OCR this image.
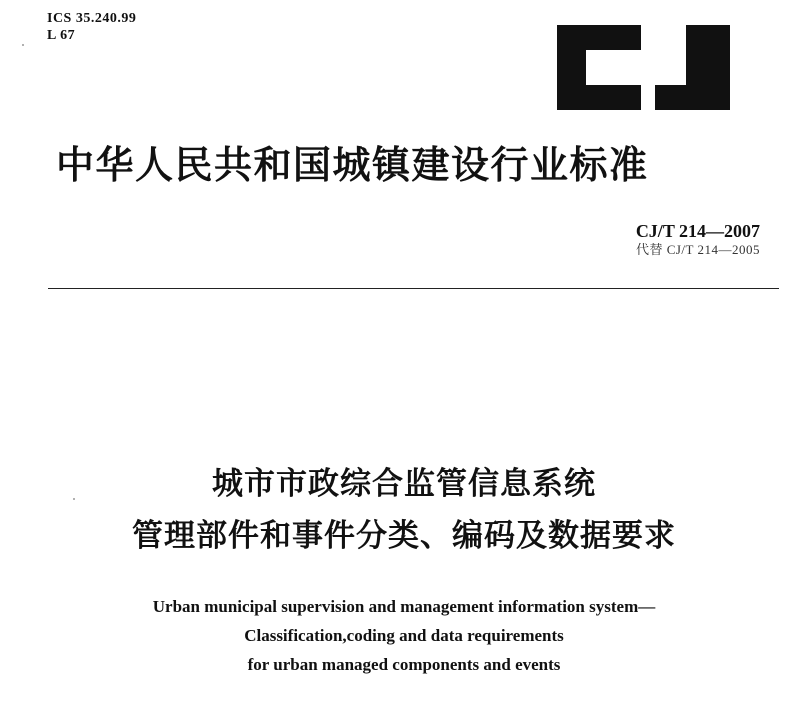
ICS 35.240.99
L 67
中华人民共和国城镇建设行业标准
CJ/T 214—2007
代替 CJ/T 214—2005
城市市政综合监管信息系统
管理部件和事件分类、编码及数据要求
Urban municipal supervision and management information system—
Classification,coding and data requirements
for urban managed components and events
